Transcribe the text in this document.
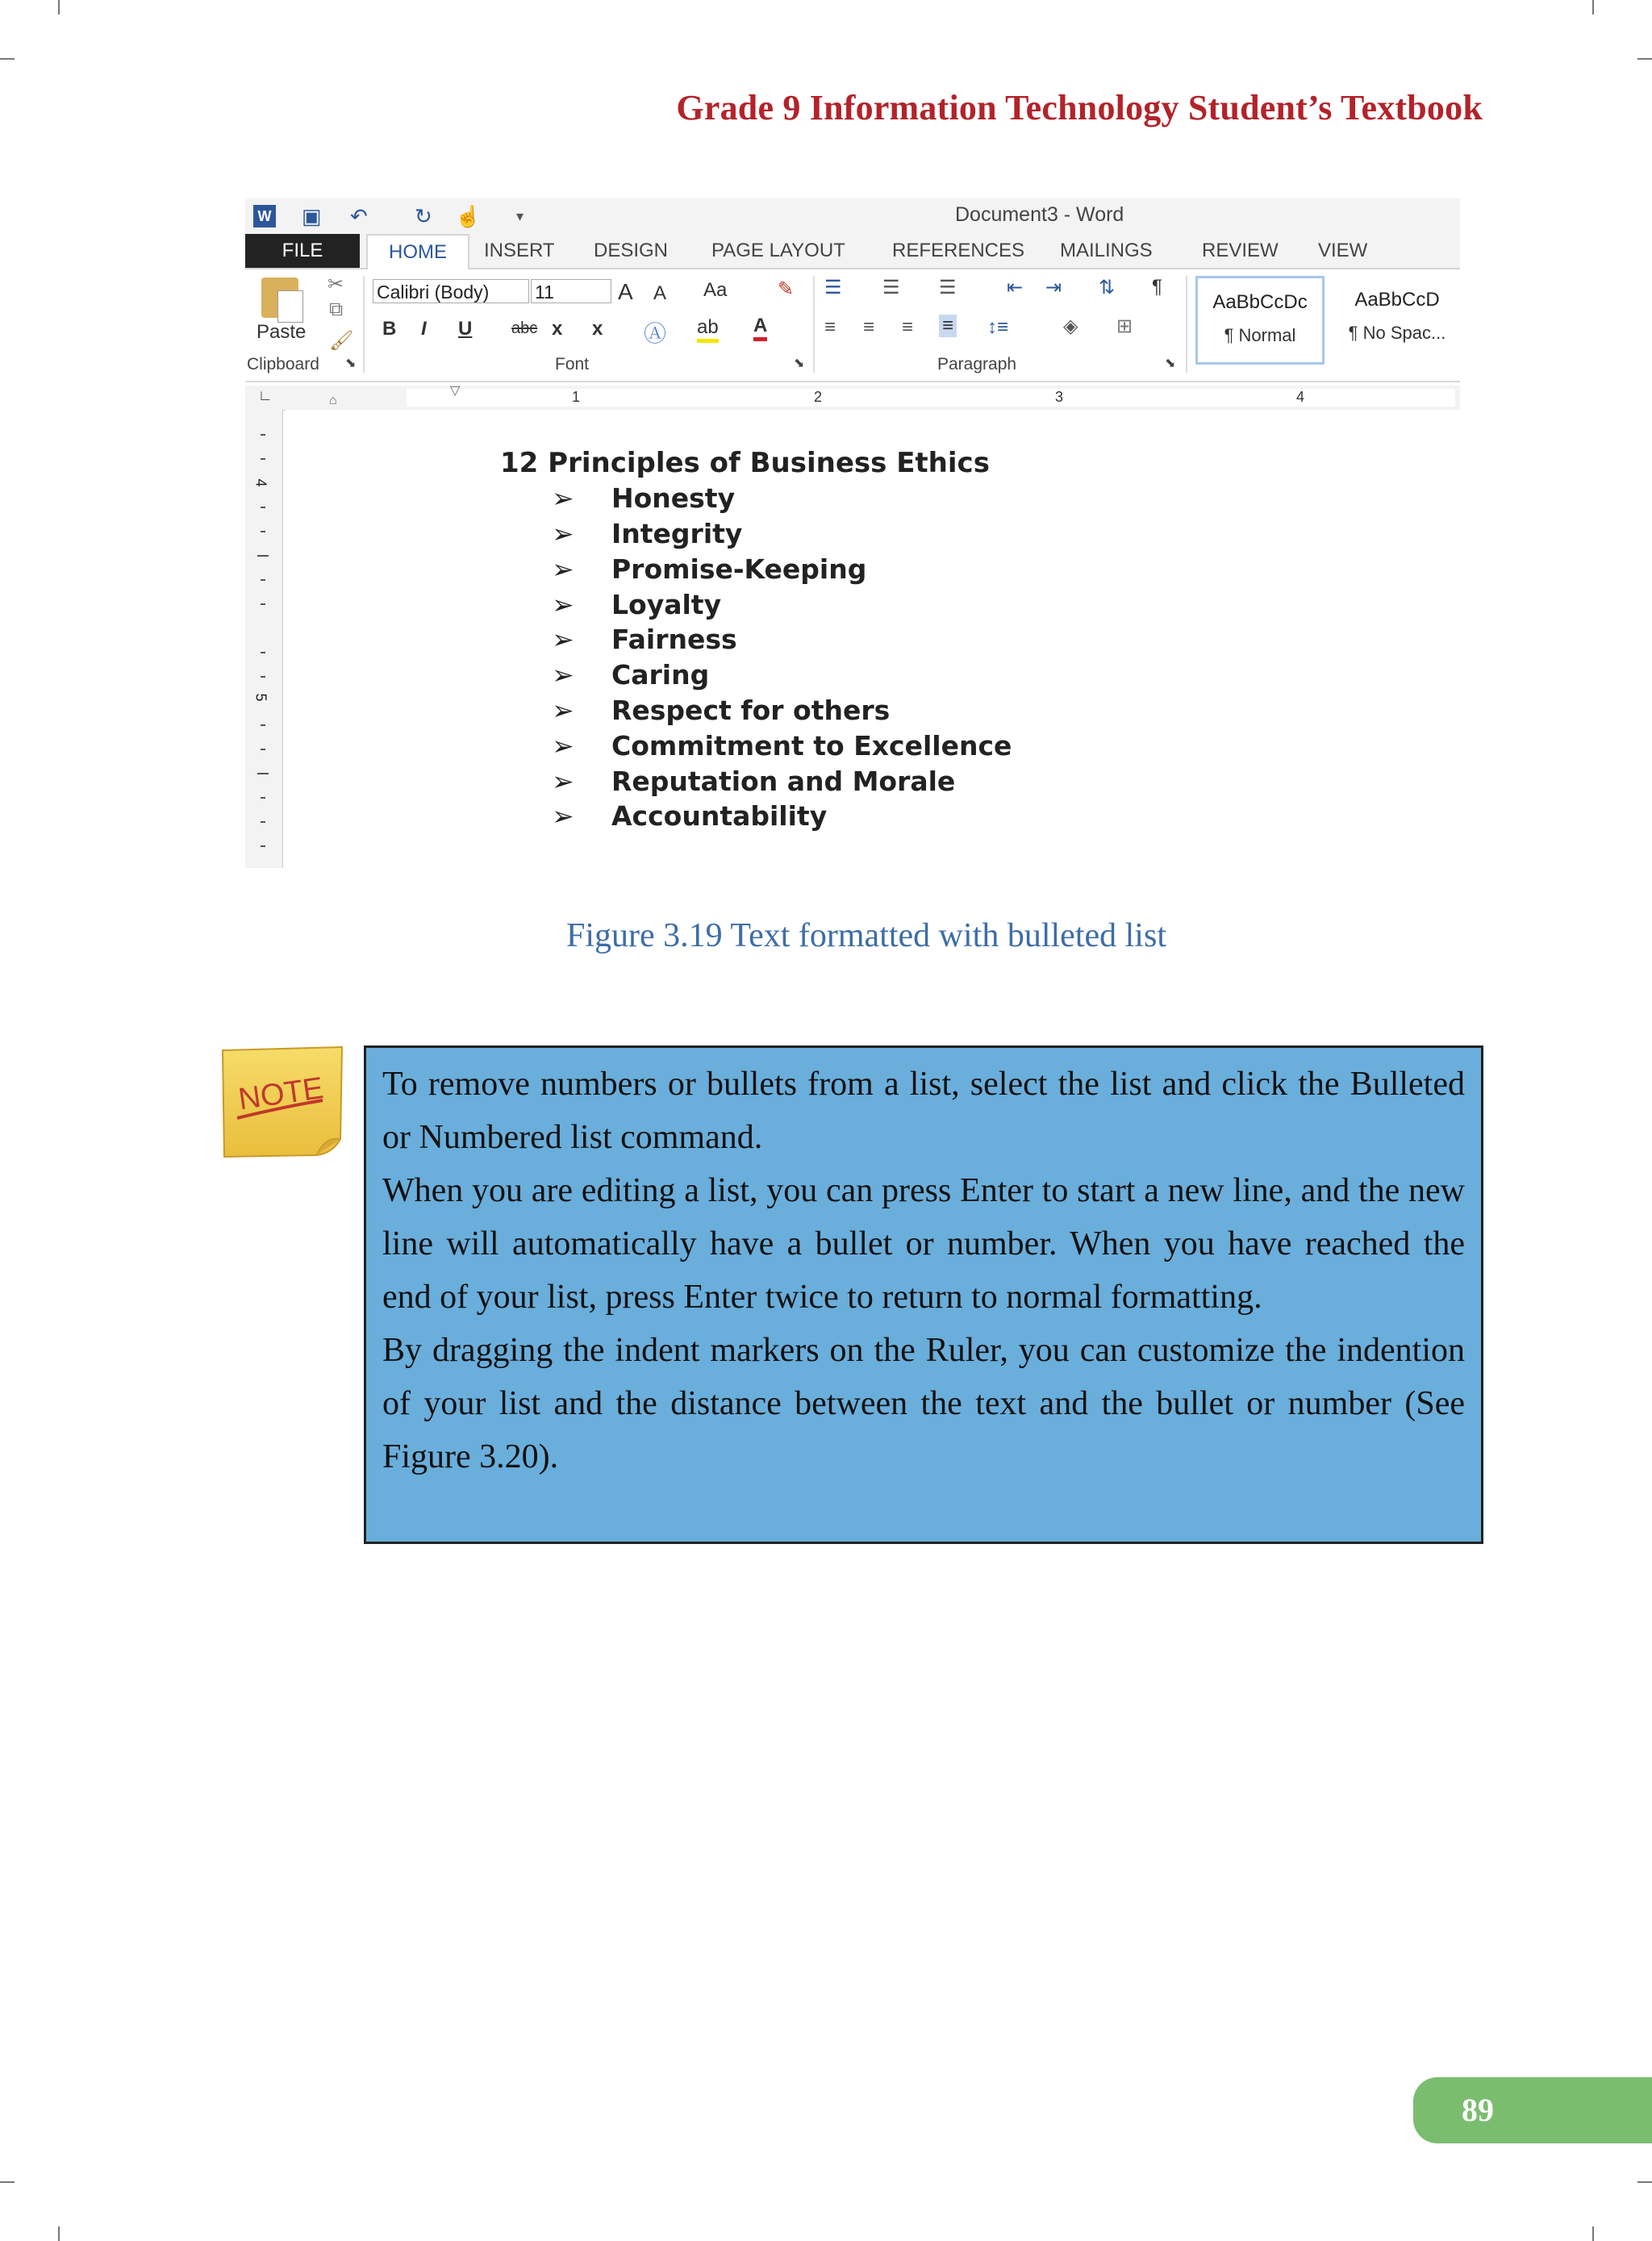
Grade 9 Information Technology Student’s Textbook
W ▣ ↶ ↻ ☝ ▾	Document3 - Word
FILE	HOME	INSERT DESIGN PAGE LAYOUT REFERENCES MAILINGS	REVIEW VIEW
Paste
✂
⧉
🖌
Clipboard ⬊
Calibri (Body)	11	A A Aa	✎
B I U abc x x Ⓐ ab A
Font	⬊
☰ ☰ ☰	⇤ ⇥ ⇅ ¶
≡ ≡ ≡ ≡ ↕≡	◈ ⊞
Paragraph	⬊
AaBbCcDc
¶ Normal
AaBbCcD
¶ No Spac...
∟	1	2	3	4
▽
⌂
4
5
12 Principles of Business Ethics
➢ Honesty
➢ Integrity
➢ Promise-Keeping
➢ Loyalty
➢ Fairness
➢ Caring
➢ Respect for others
➢ Commitment to Excellence
➢ Reputation and Morale
➢ Accountability
Figure 3.19 Text formatted with bulleted list
NOTE To remove numbers or bullets from a list, select the list and click the Bulleted or Numbered list command.

When you are editing a list, you can press Enter to start a new line, and the new line will automatically have a bullet or number. When you have reached the end of your list, press Enter twice to return to normal formatting.

By dragging the indent markers on the Ruler, you can customize the indention of your list and the distance between the text and the bullet or number (See Figure 3.20).

89
